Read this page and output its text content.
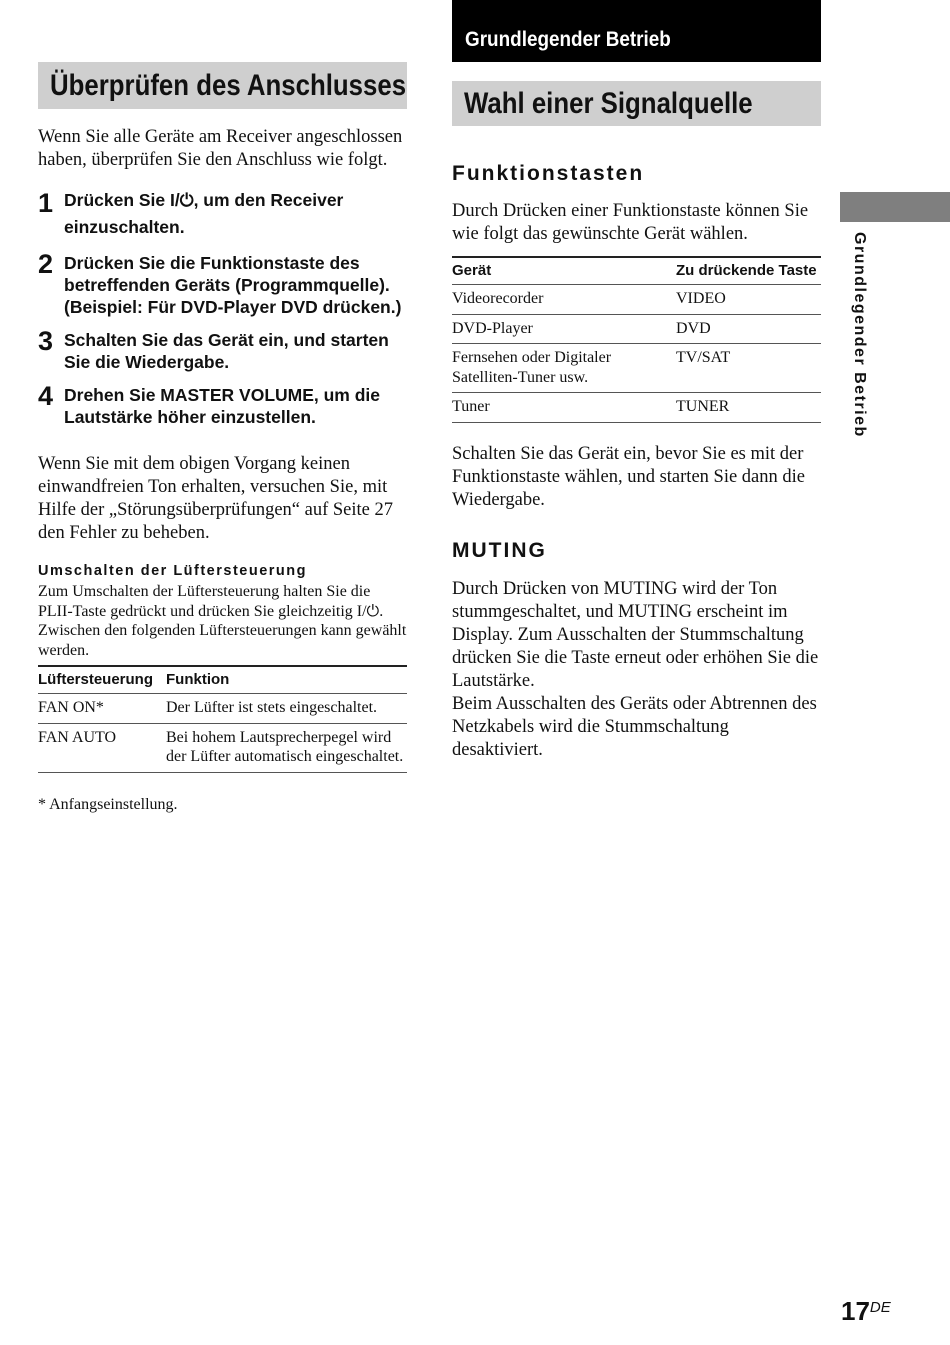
Überprüfen des Anschlusses

Wenn Sie alle Geräte am Receiver angeschlossen haben, überprüfen Sie den Anschluss wie folgt.

1 Drücken Sie I/⏻, um den Receiver einzuschalten.
2 Drücken Sie die Funktionstaste des betreffenden Geräts (Programmquelle). (Beispiel: Für DVD-Player DVD drücken.)
3 Schalten Sie das Gerät ein, und starten Sie die Wiedergabe.
4 Drehen Sie MASTER VOLUME, um die Lautstärke höher einzustellen.

Wenn Sie mit dem obigen Vorgang keinen einwandfreien Ton erhalten, versuchen Sie, mit Hilfe der „Störungsüberprüfungen“ auf Seite 27 den Fehler zu beheben.

Umschalten der Lüftersteuerung

Zum Umschalten der Lüftersteuerung halten Sie die PLII-Taste gedrückt und drücken Sie gleichzeitig I/⏻. Zwischen den folgenden Lüftersteuerungen kann gewählt werden.

Lüftersteuerung	Funktion
FAN ON*	Der Lüfter ist stets eingeschaltet.
FAN AUTO	Bei hohem Lautsprecherpegel wird der Lüfter automatisch eingeschaltet.

* Anfangseinstellung.

Grundlegender Betrieb
Wahl einer Signalquelle
Funktionstasten

Durch Drücken einer Funktionstaste können Sie wie folgt das gewünschte Gerät wählen.

Gerät	Zu drückende Taste
Videorecorder	VIDEO
DVD-Player	DVD
Fernsehen oder Digitaler Satelliten-Tuner usw.	TV/SAT
Tuner	TUNER

Schalten Sie das Gerät ein, bevor Sie es mit der Funktionstaste wählen, und starten Sie dann die Wiedergabe.

MUTING

Durch Drücken von MUTING wird der Ton stummgeschaltet, und MUTING erscheint im Display. Zum Ausschalten der Stummschaltung drücken Sie die Taste erneut oder erhöhen Sie die Lautstärke.

Beim Ausschalten des Geräts oder Abtrennen des Netzkabels wird die Stummschaltung desaktiviert.

Grundlegender Betrieb
17DE
